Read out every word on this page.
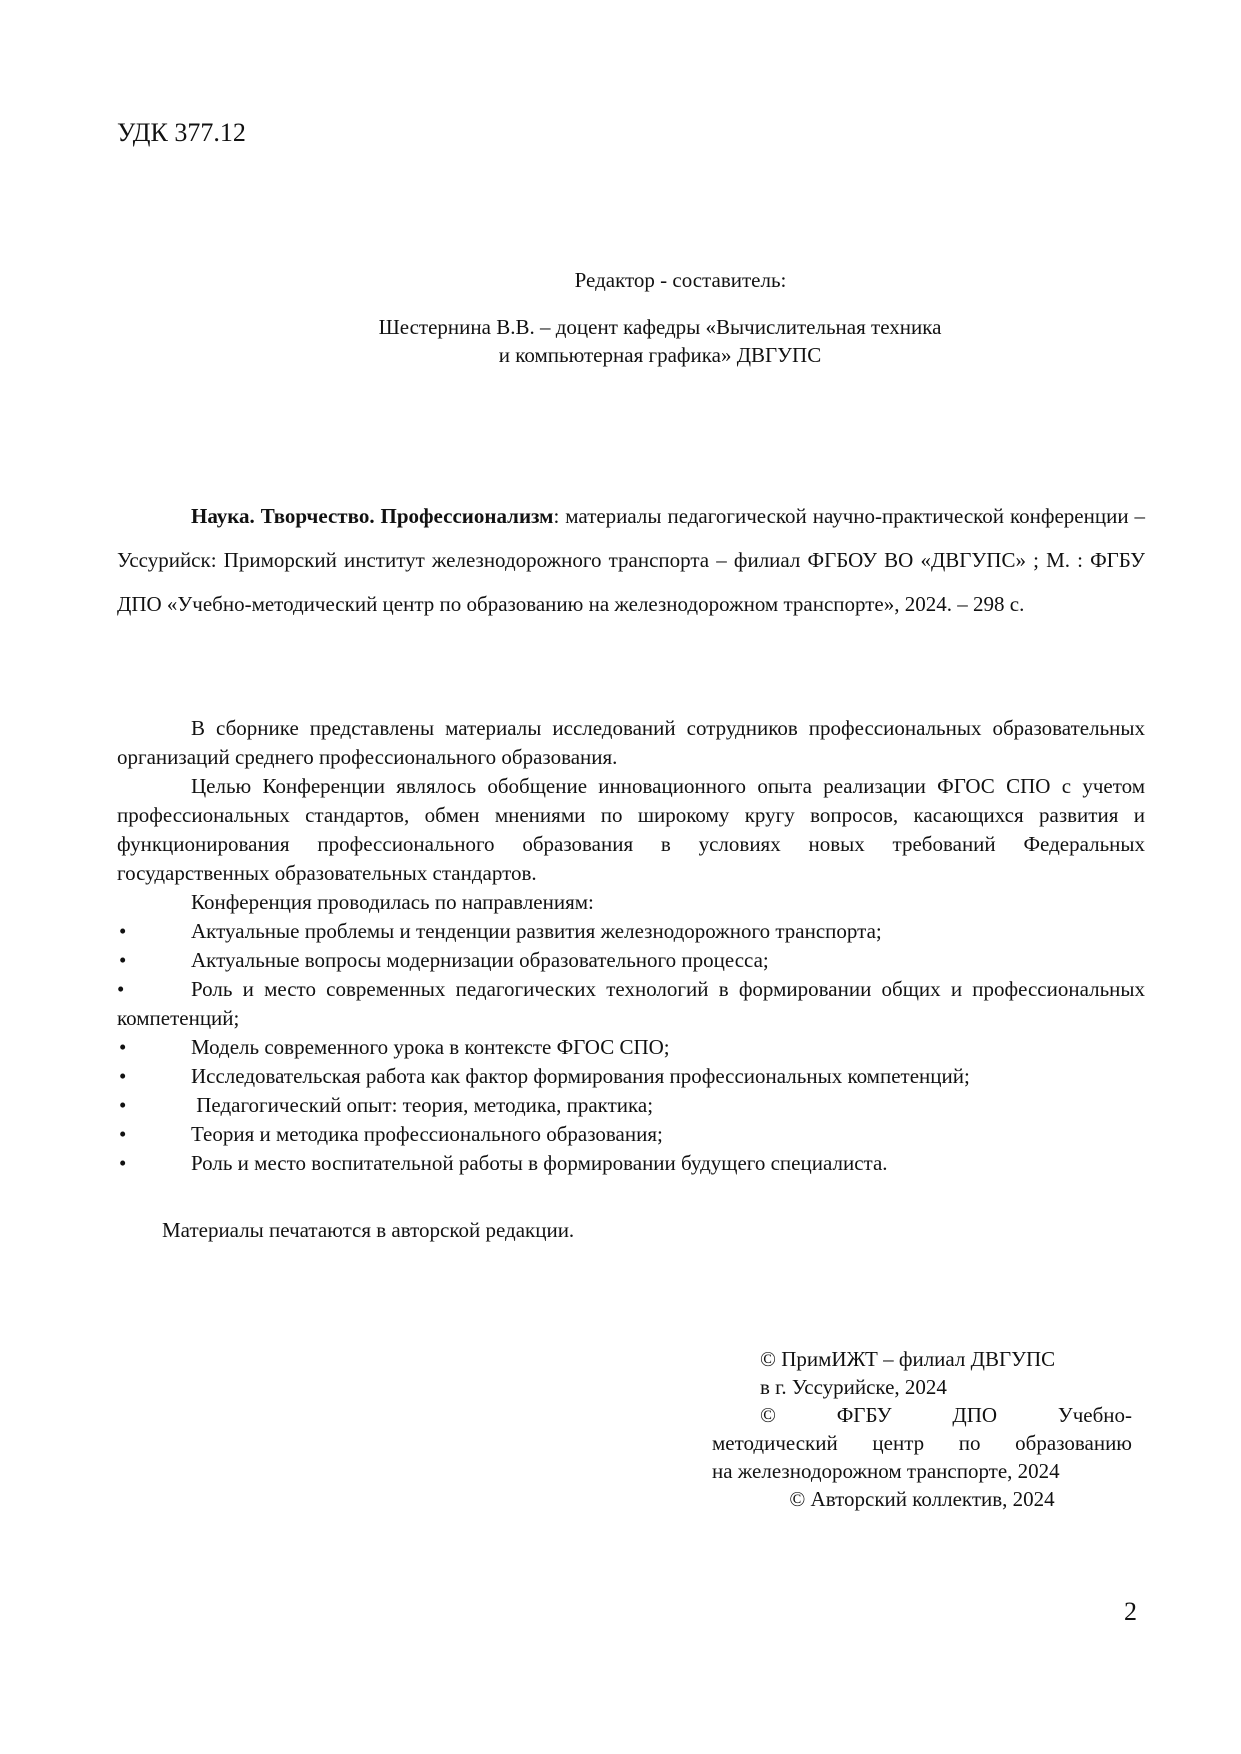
УДК 377.12
Редактор - составитель:
Шестернина В.В. – доцент кафедры «Вычислительная техника
и компьютерная графика» ДВГУПС
Наука. Творчество. Профессионализм: материалы педагогической научно-практической конференции – Уссурийск: Приморский институт железнодорожного транспорта – филиал ФГБОУ ВО «ДВГУПС» ; М. : ФГБУ ДПО «Учебно-методический центр по образованию на железнодорожном транспорте», 2024. – 298 с.

В сборнике представлены материалы исследований сотрудников профессиональных образовательных организаций среднего профессионального образования.

Целью Конференции являлось обобщение инновационного опыта реализации ФГОС СПО с учетом профессиональных стандартов, обмен мнениями по широкому кругу вопросов, касающихся развития и функционирования профессионального образования в условиях новых требований Федеральных государственных образовательных стандартов.

Конференция проводилась по направлениям:

•	Актуальные проблемы и тенденции развития железнодорожного транспорта;
•	Актуальные вопросы модернизации образовательного процесса;
•	Роль и место современных педагогических технологий в формировании общих и профессиональных компетенций;
•	Модель современного урока в контексте ФГОС СПО;
•	Исследовательская работа как фактор формирования профессиональных компетенций;
•	Педагогический опыт: теория, методика, практика;
•	Теория и методика профессионального образования;
•	Роль и место воспитательной работы в формировании будущего специалиста.
Материалы печатаются в авторской редакции.
© ПримИЖТ – филиал ДВГУПС
в г. Уссурийске, 2024
© ФГБУ ДПО Учебно-
методический центр по образованию
на железнодорожном транспорте, 2024
© Авторский коллектив, 2024
2
